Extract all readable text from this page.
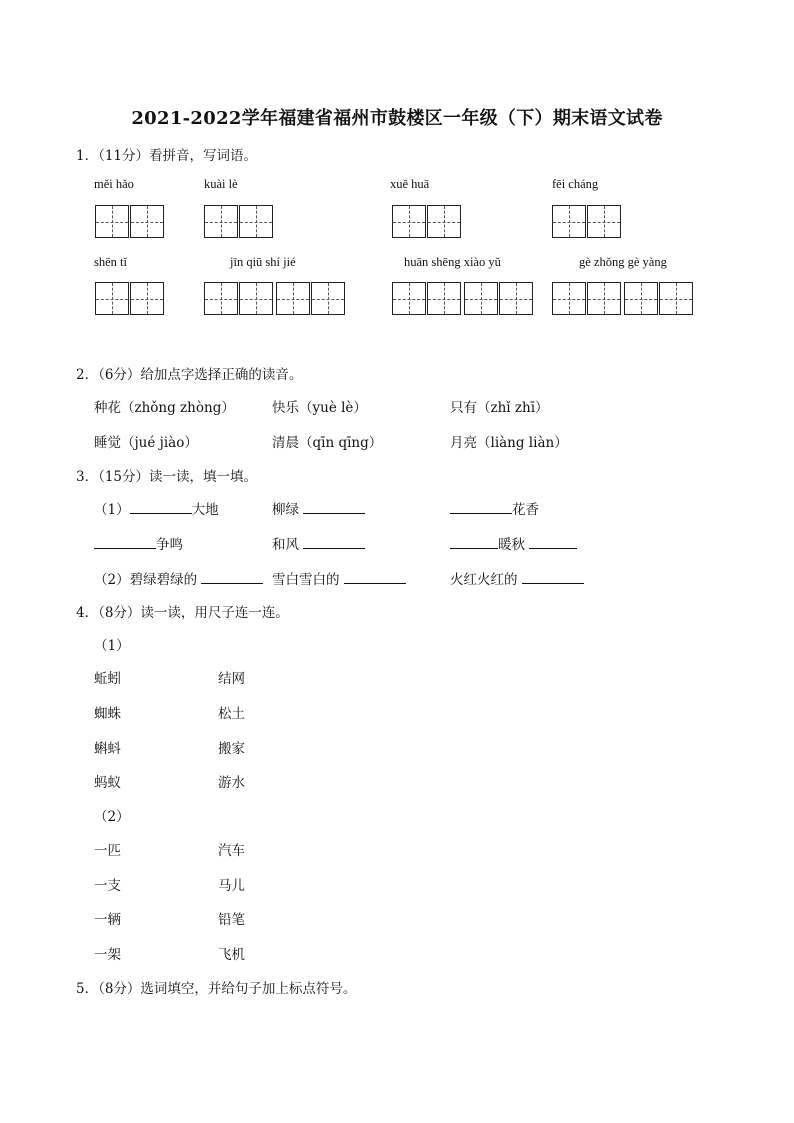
2021-2022学年福建省福州市鼓楼区一年级（下）期末语文试卷
1．（11分）看拼音，写词语。
měi hǎo	kuài lè	xuě huā	fēi cháng
shēn tǐ	jīn qiū shí jié	huān shēng xiào yǔ	gè zhǒng gè yàng
2．（6分）给加点字选择正确的读音。
种花（zhǒng zhòng）	快乐（yuè lè）	只有（zhǐ zhī）
睡觉（jué jiào）	清晨（qīn qīng）	月亮（liàng liàn）
3．（15分）读一读，填一填。
（1）	大地	柳绿	花香
争鸣	和风	暖秋
（2）碧绿碧绿的	雪白雪白的	火红火红的
4．（8分）读一读，用尺子连一连。
（1）
蚯蚓	结网
蜘蛛	松土
蝌蚪	搬家
蚂蚁	游水
（2）
一匹	汽车
一支	马儿
一辆	铅笔
一架	飞机
5．（8分）选词填空，并给句子加上标点符号。
